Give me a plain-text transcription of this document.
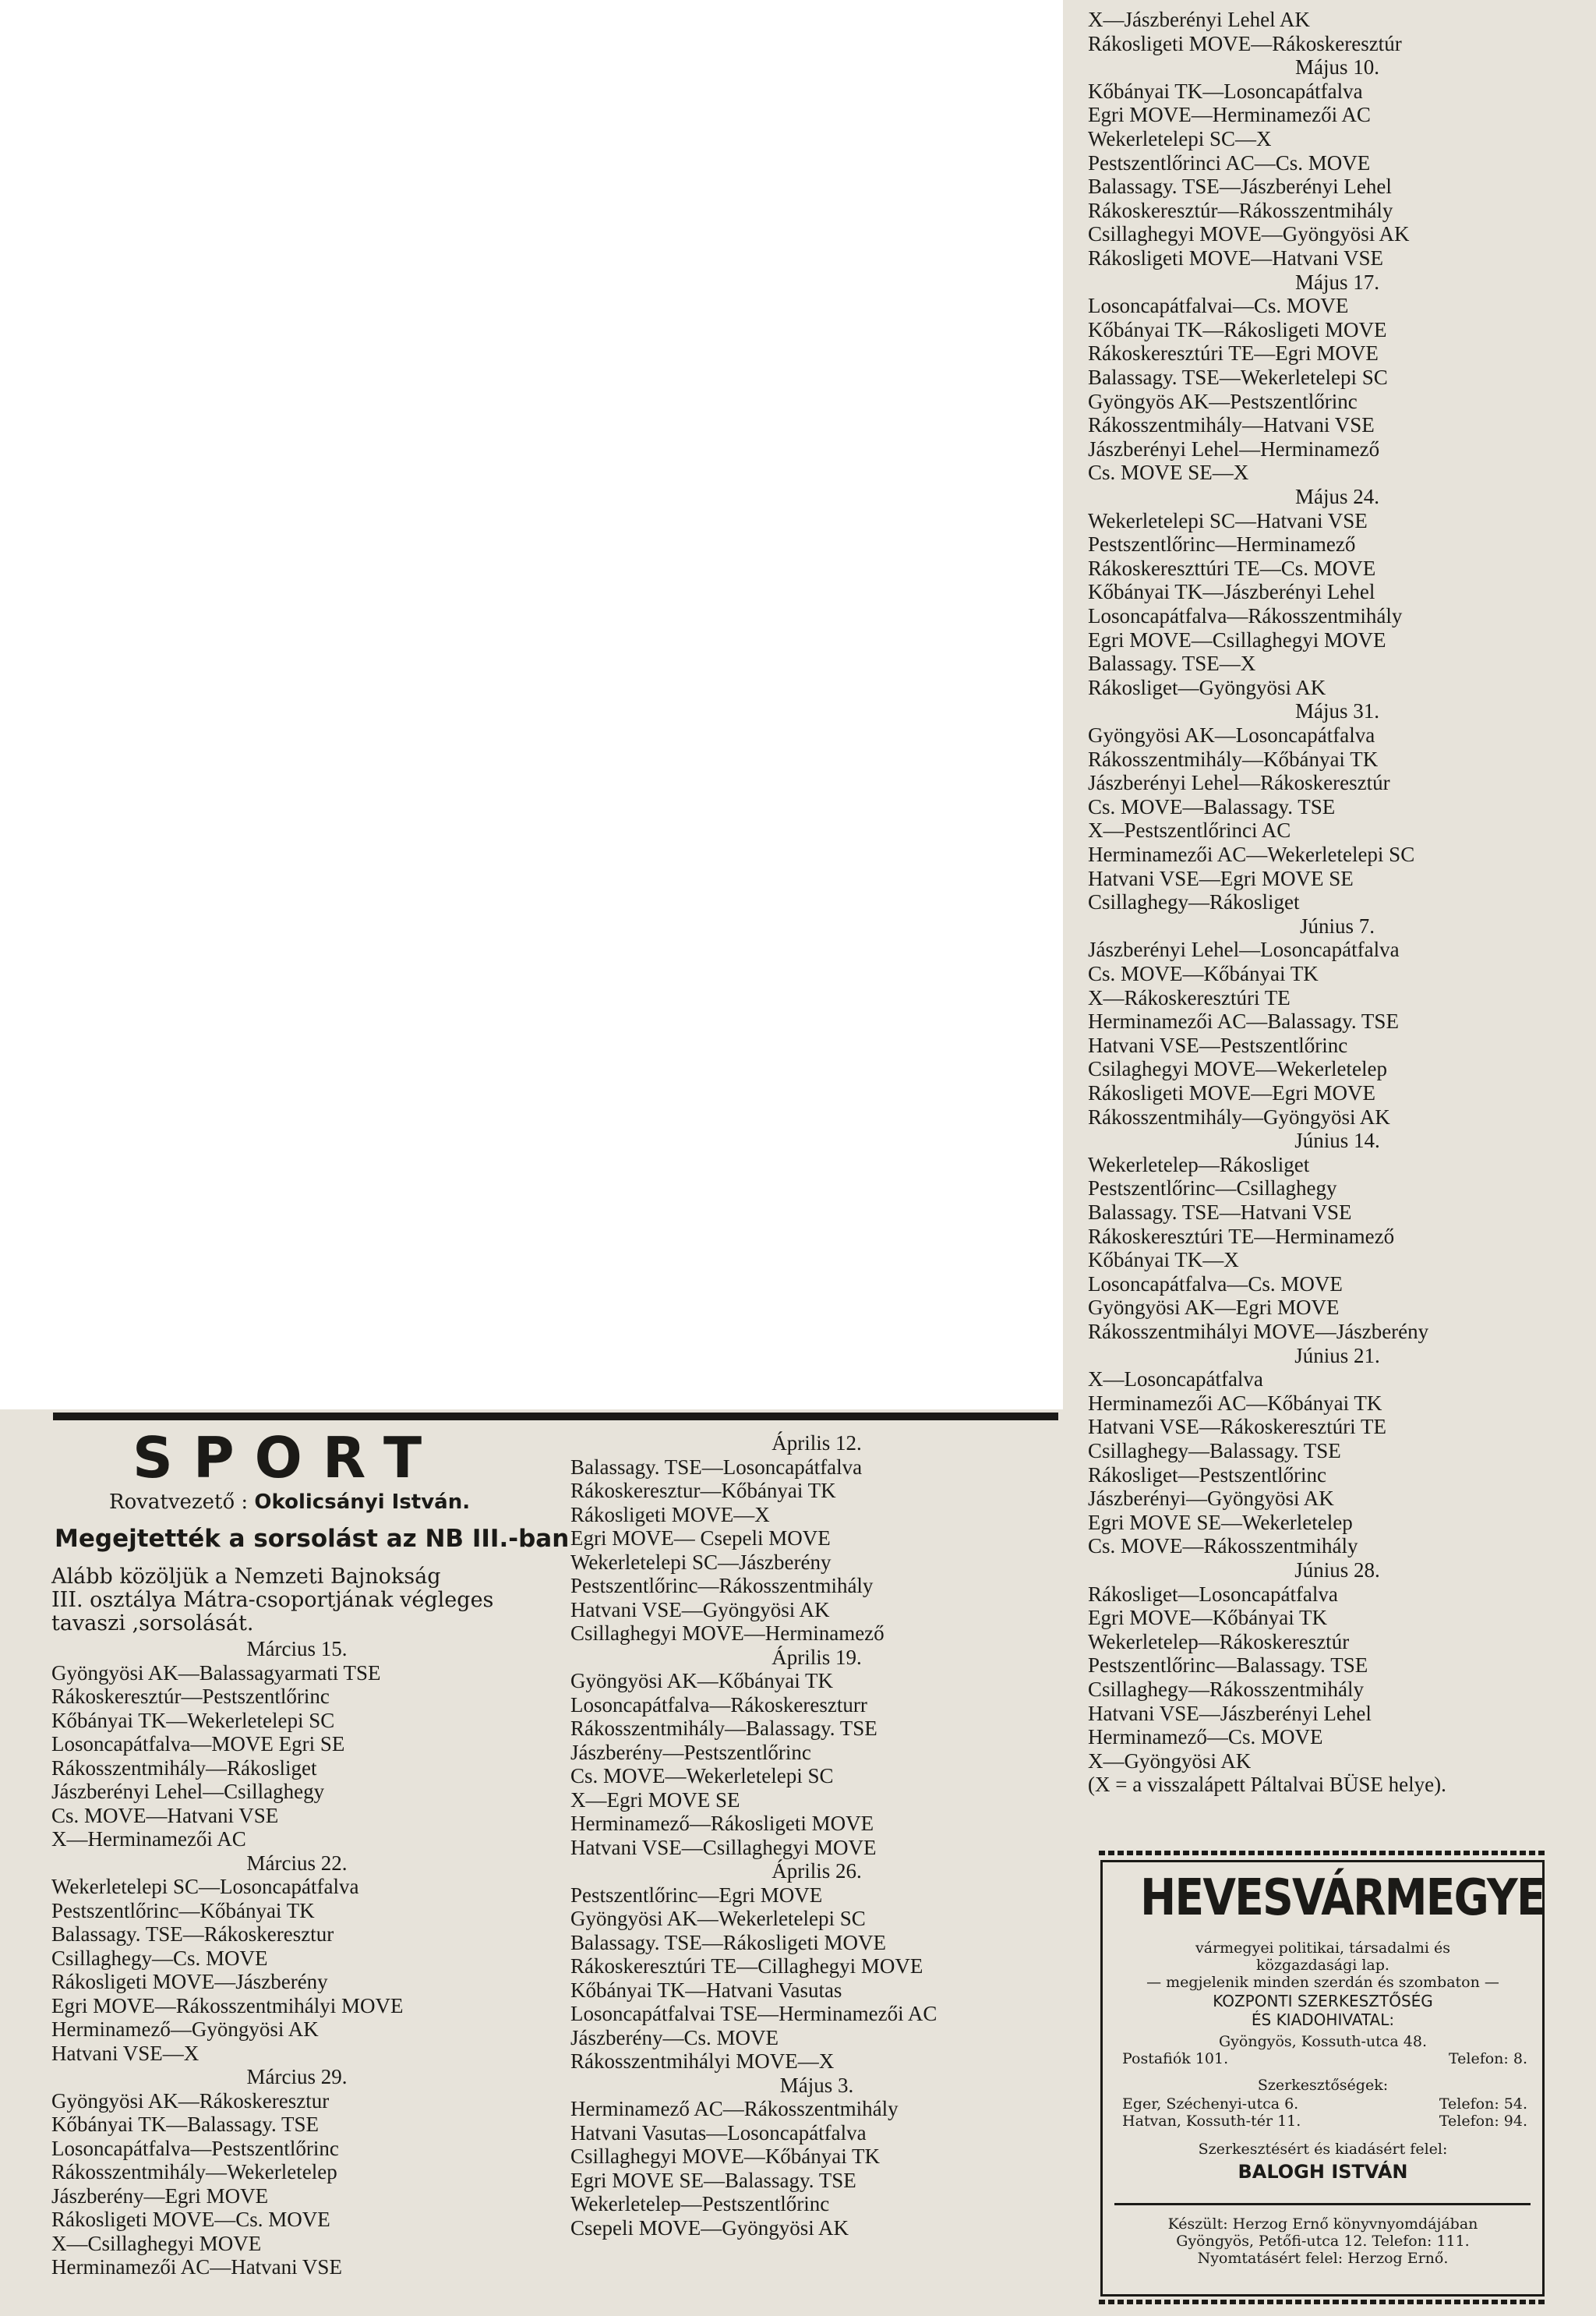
X—Jászberényi Lehel AK
Rákosligeti MOVE—Rákoskeresztúr
Május 10.
Kőbányai TK—Losoncapátfalva
Egri MOVE—Herminamezői AC
Wekerletelepi SC—X
Pestszentlőrinci AC—Cs. MOVE
Balassagy. TSE—Jászberényi Lehel
Rákoskeresztúr—Rákosszentmihály
Csillaghegyi MOVE—Gyöngyösi AK
Rákosligeti MOVE—Hatvani VSE
Május 17.
Losoncapátfalvai—Cs. MOVE
Kőbányai TK—Rákosligeti MOVE
Rákoskeresztúri TE—Egri MOVE
Balassagy. TSE—Wekerletelepi SC
Gyöngyös AK—Pestszentlőrinc
Rákosszentmihály—Hatvani VSE
Jászberényi Lehel—Herminamező
Cs. MOVE SE—X
Május 24.
Wekerletelepi SC—Hatvani VSE
Pestszentlőrinc—Herminamező
Rákoskereszttúri TE—Cs. MOVE
Kőbányai TK—Jászberényi Lehel
Losoncapátfalva—Rákosszentmihály
Egri MOVE—Csillaghegyi MOVE
Balassagy. TSE—X
Rákosliget—Gyöngyösi AK
Május 31.
Gyöngyösi AK—Losoncapátfalva
Rákosszentmihály—Kőbányai TK
Jászberényi Lehel—Rákoskeresztúr
Cs. MOVE—Balassagy. TSE
X—Pestszentlőrinci AC
Herminamezői AC—Wekerletelepi SC
Hatvani VSE—Egri MOVE SE
Csillaghegy—Rákosliget
Június 7.
Jászberényi Lehel—Losoncapátfalva
Cs. MOVE—Kőbányai TK
X—Rákoskeresztúri TE
Herminamezői AC—Balassagy. TSE
Hatvani VSE—Pestszentlőrinc
Csilaghegyi MOVE—Wekerletelep
Rákosligeti MOVE—Egri MOVE
Rákosszentmihály—Gyöngyösi AK
Június 14.
Wekerletelep—Rákosliget
Pestszentlőrinc—Csillaghegy
Balassagy. TSE—Hatvani VSE
Rákoskeresztúri TE—Herminamező
Kőbányai TK—X
Losoncapátfalva—Cs. MOVE
Gyöngyösi AK—Egri MOVE
Rákosszentmihályi MOVE—Jászberény
Június 21.
X—Losoncapátfalva
Herminamezői AC—Kőbányai TK
Hatvani VSE—Rákoskeresztúri TE
Csillaghegy—Balassagy. TSE
Rákosliget—Pestszentlőrinc
Jászberényi—Gyöngyösi AK
Egri MOVE SE—Wekerletelep
Cs. MOVE—Rákosszentmihály
Június 28.
Rákosliget—Losoncapátfalva
Egri MOVE—Kőbányai TK
Wekerletelep—Rákoskeresztúr
Pestszentlőrinc—Balassagy. TSE
Csillaghegy—Rákosszentmihály
Hatvani VSE—Jászberényi Lehel
Herminamező—Cs. MOVE
X—Gyöngyösi AK
(X = a visszalápett Páltalvai BÜSE helye).
SPORT
Rovatvezető : Okolicsányi István.
Megejtették a sorsolást az NB III.-ban
Alább közöljük a Nemzeti Bajnokság
III. osztálya Mátra-csoportjának végleges
tavaszi ,sorsolását.
Március 15.
Gyöngyösi AK—Balassagyarmati TSE
Rákoskeresztúr—Pestszentlőrinc
Kőbányai TK—Wekerletelepi SC
Losoncapátfalva—MOVE Egri SE
Rákosszentmihály—Rákosliget
Jászberényi Lehel—Csillaghegy
Cs. MOVE—Hatvani VSE
X—Herminamezői AC
Március 22.
Wekerletelepi SC—Losoncapátfalva
Pestszentlőrinc—Kőbányai TK
Balassagy. TSE—Rákoskeresztur
Csillaghegy—Cs. MOVE
Rákosligeti MOVE—Jászberény
Egri MOVE—Rákosszentmihályi MOVE
Herminamező—Gyöngyösi AK
Hatvani VSE—X
Március 29.
Gyöngyösi AK—Rákoskeresztur
Kőbányai TK—Balassagy. TSE
Losoncapátfalva—Pestszentlőrinc
Rákosszentmihály—Wekerletelep
Jászberény—Egri MOVE
Rákosligeti MOVE—Cs. MOVE
X—Csillaghegyi MOVE
Herminamezői AC—Hatvani VSE
Április 12.
Balassagy. TSE—Losoncapátfalva
Rákoskeresztur—Kőbányai TK
Rákosligeti MOVE—X
Egri MOVE— Csepeli MOVE
Wekerletelepi SC—Jászberény
Pestszentlőrinc—Rákosszentmihály
Hatvani VSE—Gyöngyösi AK
Csillaghegyi MOVE—Herminamező
Április 19.
Gyöngyösi AK—Kőbányai TK
Losoncapátfalva—Rákoskereszturr
Rákosszentmihály—Balassagy. TSE
Jászberény—Pestszentlőrinc
Cs. MOVE—Wekerletelepi SC
X—Egri MOVE SE
Herminamező—Rákosligeti MOVE
Hatvani VSE—Csillaghegyi MOVE
Április 26.
Pestszentlőrinc—Egri MOVE
Gyöngyösi AK—Wekerletelepi SC
Balassagy. TSE—Rákosligeti MOVE
Rákoskeresztúri TE—Cillaghegyi MOVE
Kőbányai TK—Hatvani Vasutas
Losoncapátfalvai TSE—Herminamezői AC
Jászberény—Cs. MOVE
Rákosszentmihályi MOVE—X
Május 3.
Herminamező AC—Rákosszentmihály
Hatvani Vasutas—Losoncapátfalva
Csillaghegyi MOVE—Kőbányai TK
Egri MOVE SE—Balassagy. TSE
Wekerletelep—Pestszentlőrinc
Csepeli MOVE—Gyöngyösi AK
HEVESVÁRMEGYE
vármegyei politikai, társadalmi és
közgazdasági lap.
— megjelenik minden szerdán és szombaton —
KOZPONTI SZERKESZTŐSÉG
ÉS KIADOHIVATAL:
Gyöngyös, Kossuth-utca 48.
Postafiók 101.	Telefon: 8.
Szerkesztőségek:
Eger, Széchenyi-utca 6.	Telefon: 54.
Hatvan, Kossuth-tér 11.	Telefon: 94.
Szerkesztésért és kiadásért felel:
BALOGH ISTVÁN
Készült: Herzog Ernő könyvnyomdájában
Gyöngyös, Petőfi-utca 12. Telefon: 111.
Nyomtatásért felel: Herzog Ernő.
